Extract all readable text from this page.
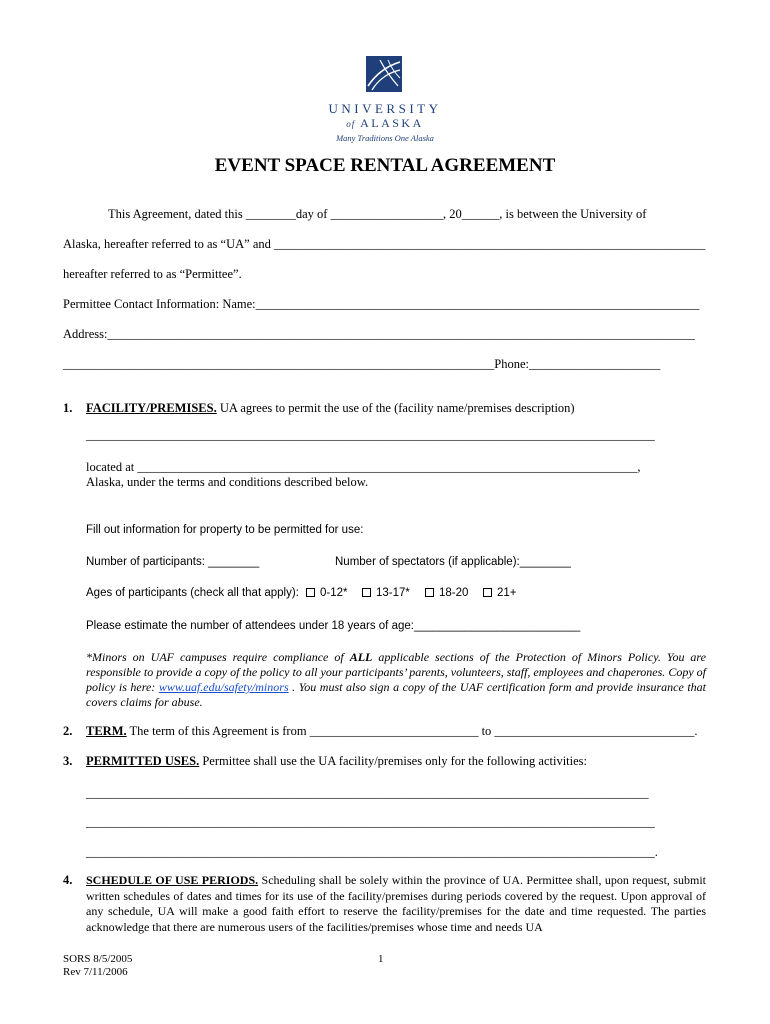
UNIVERSITY
of ALASKA
Many Traditions One Alaska
EVENT SPACE RENTAL AGREEMENT
This Agreement, dated this ________day of __________________, 20______, is between the University of
Alaska, hereafter referred to as “UA” and _____________________________________________________________________
hereafter referred to as “Permittee”.
Permittee Contact Information: Name:_______________________________________________________________________
Address:______________________________________________________________________________________________
_____________________________________________________________________Phone:_____________________
1. FACILITY/PREMISES. UA agrees to permit the use of the (facility name/premises description)
___________________________________________________________________________________________
located at ________________________________________________________________________________,
Alaska, under the terms and conditions described below.
Fill out information for property to be permitted for use:
Number of participants: ________	Number of spectators (if applicable):________
Ages of participants (check all that apply):	0-12*	13-17*	18-20	21+
Please estimate the number of attendees under 18 years of age:__________________________
*Minors on UAF campuses require compliance of ALL applicable sections of the Protection of Minors Policy. You are responsible to provide a copy of the policy to all your participants’ parents, volunteers, staff, employees and chaperones. Copy of policy is here: www.uaf.edu/safety/minors . You must also sign a copy of the UAF certification form and provide insurance that covers claims for abuse.
2. TERM. The term of this Agreement is from ___________________________ to ________________________________.
3. PERMITTED USES. Permittee shall use the UA facility/premises only for the following activities:
__________________________________________________________________________________________
___________________________________________________________________________________________
___________________________________________________________________________________________.
4. SCHEDULE OF USE PERIODS. Scheduling shall be solely within the province of UA. Permittee shall, upon request, submit written schedules of dates and times for its use of the facility/premises during periods covered by the request. Upon approval of any schedule, UA will make a good faith effort to reserve the facility/premises for the date and time requested. The parties acknowledge that there are numerous users of the facilities/premises whose time and needs UA
SORS 8/5/2005
Rev 7/11/2006
1
